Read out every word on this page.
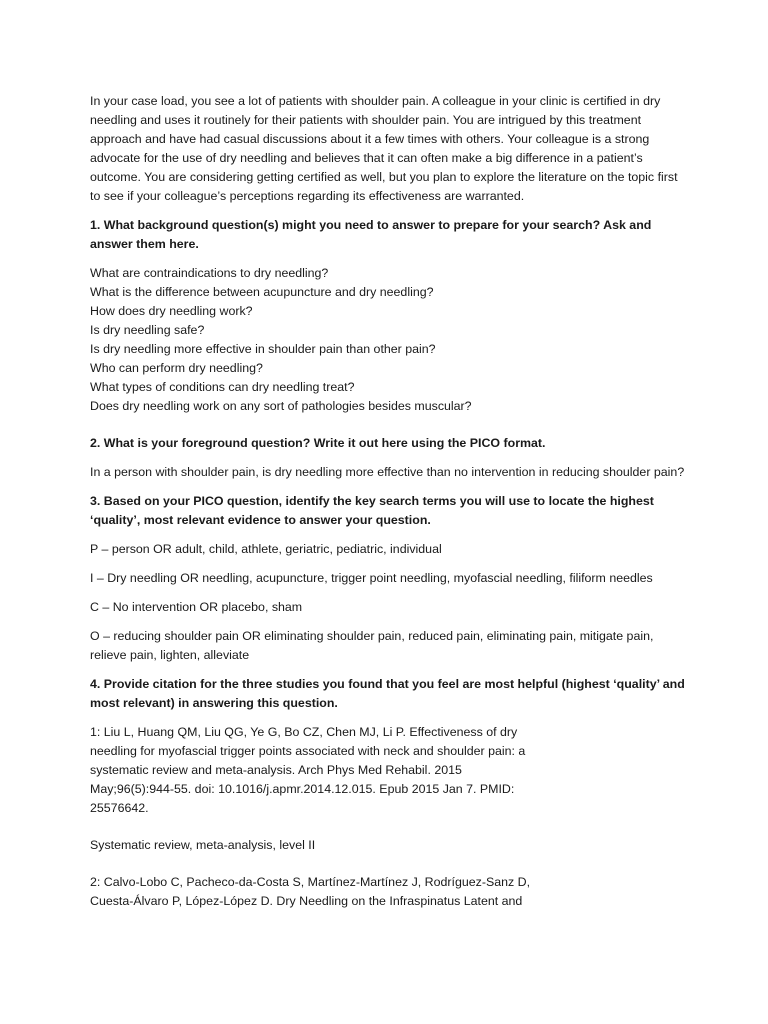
In your case load, you see a lot of patients with shoulder pain. A colleague in your clinic is certified in dry needling and uses it routinely for their patients with shoulder pain. You are intrigued by this treatment approach and have had casual discussions about it a few times with others. Your colleague is a strong advocate for the use of dry needling and believes that it can often make a big difference in a patient’s outcome. You are considering getting certified as well, but you plan to explore the literature on the topic first to see if your colleague’s perceptions regarding its effectiveness are warranted.

1. What background question(s) might you need to answer to prepare for your search? Ask and answer them here.

What are contraindications to dry needling?
What is the difference between acupuncture and dry needling?
How does dry needling work?
Is dry needling safe?
Is dry needling more effective in shoulder pain than other pain?
Who can perform dry needling?
What types of conditions can dry needling treat?
Does dry needling work on any sort of pathologies besides muscular?

2. What is your foreground question? Write it out here using the PICO format.

In a person with shoulder pain, is dry needling more effective than no intervention in reducing shoulder pain?

3. Based on your PICO question, identify the key search terms you will use to locate the highest ‘quality’, most relevant evidence to answer your question.

P – person OR adult, child, athlete, geriatric, pediatric, individual

I – Dry needling OR needling, acupuncture, trigger point needling, myofascial needling, filiform needles

C – No intervention OR placebo, sham

O – reducing shoulder pain OR eliminating shoulder pain, reduced pain, eliminating pain, mitigate pain, relieve pain, lighten, alleviate

4. Provide citation for the three studies you found that you feel are most helpful (highest ‘quality’ and most relevant) in answering this question.

1: Liu L, Huang QM, Liu QG, Ye G, Bo CZ, Chen MJ, Li P. Effectiveness of dry
needling for myofascial trigger points associated with neck and shoulder pain: a
systematic review and meta-analysis. Arch Phys Med Rehabil. 2015
May;96(5):944-55. doi: 10.1016/j.apmr.2014.12.015. Epub 2015 Jan 7. PMID:
25576642.

Systematic review, meta-analysis, level II

2: Calvo-Lobo C, Pacheco-da-Costa S, Martínez-Martínez J, Rodríguez-Sanz D,
Cuesta-Álvaro P, López-López D. Dry Needling on the Infraspinatus Latent and
